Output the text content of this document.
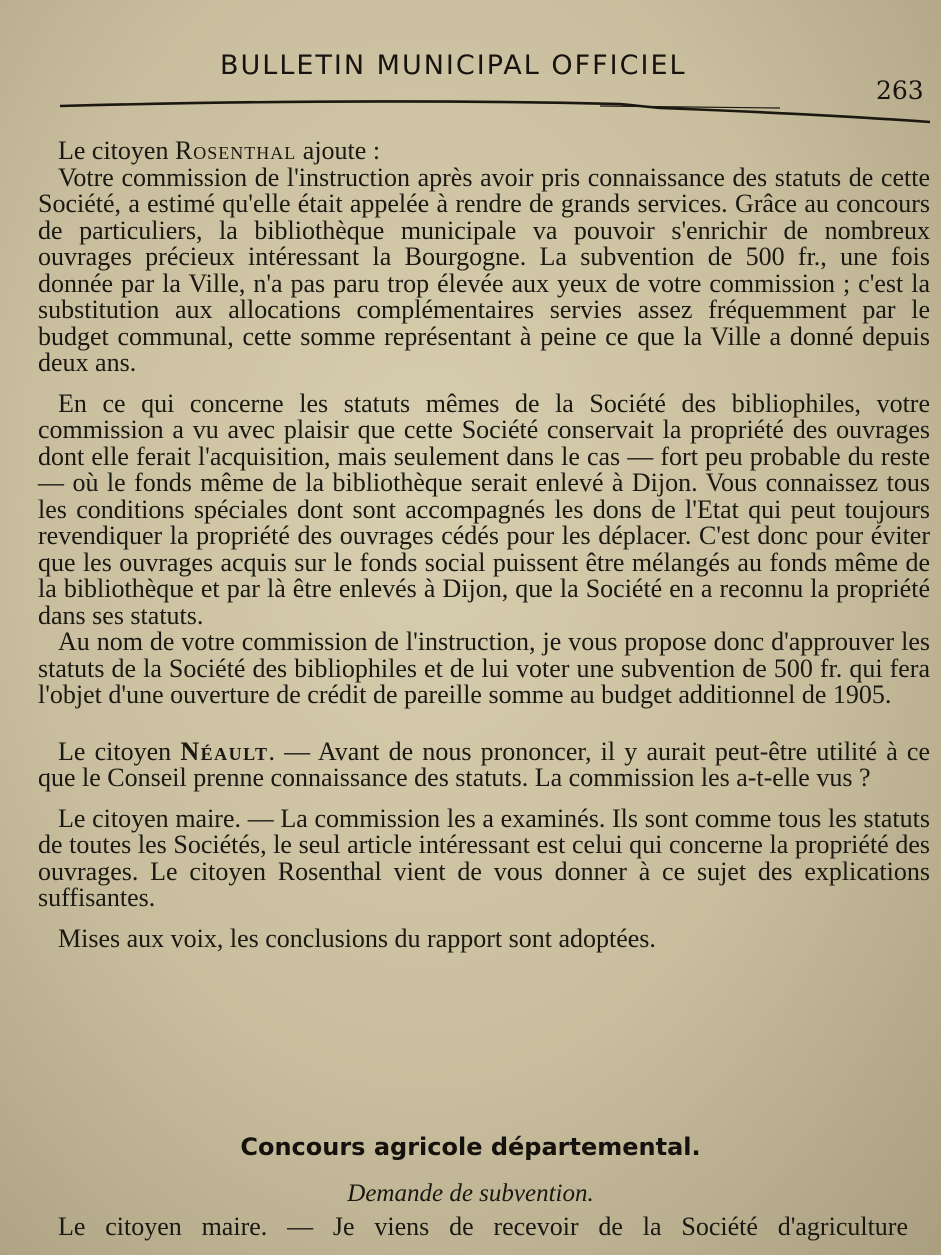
BULLETIN MUNICIPAL OFFICIEL
263

Le citoyen Rosenthal ajoute :

Votre commission de l'instruction après avoir pris connaissance des statuts de cette Société, a estimé qu'elle était appelée à rendre de grands services. Grâce au concours de particuliers, la bibliothèque municipale va pouvoir s'enrichir de nombreux ouvrages précieux intéressant la Bourgogne. La subvention de 500 fr., une fois donnée par la Ville, n'a pas paru trop élevée aux yeux de votre commission ; c'est la substitution aux allocations complémentaires servies assez fréquemment par le budget communal, cette somme représentant à peine ce que la Ville a donné depuis deux ans.

En ce qui concerne les statuts mêmes de la Société des bibliophiles, votre commission a vu avec plaisir que cette Société conservait la propriété des ouvrages dont elle ferait l'acquisition, mais seulement dans le cas — fort peu probable du reste — où le fonds même de la bibliothèque serait enlevé à Dijon. Vous connaissez tous les conditions spéciales dont sont accompagnés les dons de l'Etat qui peut toujours revendiquer la propriété des ouvrages cédés pour les déplacer. C'est donc pour éviter que les ouvrages acquis sur le fonds social puissent être mélangés au fonds même de la bibliothèque et par là être enlevés à Dijon, que la Société en a reconnu la propriété dans ses statuts.

Au nom de votre commission de l'instruction, je vous propose donc d'approuver les statuts de la Société des bibliophiles et de lui voter une subvention de 500 fr. qui fera l'objet d'une ouverture de crédit de pareille somme au budget additionnel de 1905.

Le citoyen Néault. — Avant de nous prononcer, il y aurait peut-être utilité à ce que le Conseil prenne connaissance des statuts. La commission les a-t-elle vus ?

Le citoyen maire. — La commission les a examinés. Ils sont comme tous les statuts de toutes les Sociétés, le seul article intéressant est celui qui concerne la propriété des ouvrages. Le citoyen Rosenthal vient de vous donner à ce sujet des explications suffisantes.

Mises aux voix, les conclusions du rapport sont adoptées.

Concours agricole départemental.
Demande de subvention.
Le citoyen maire. — Je viens de recevoir de la Société d'agriculture
